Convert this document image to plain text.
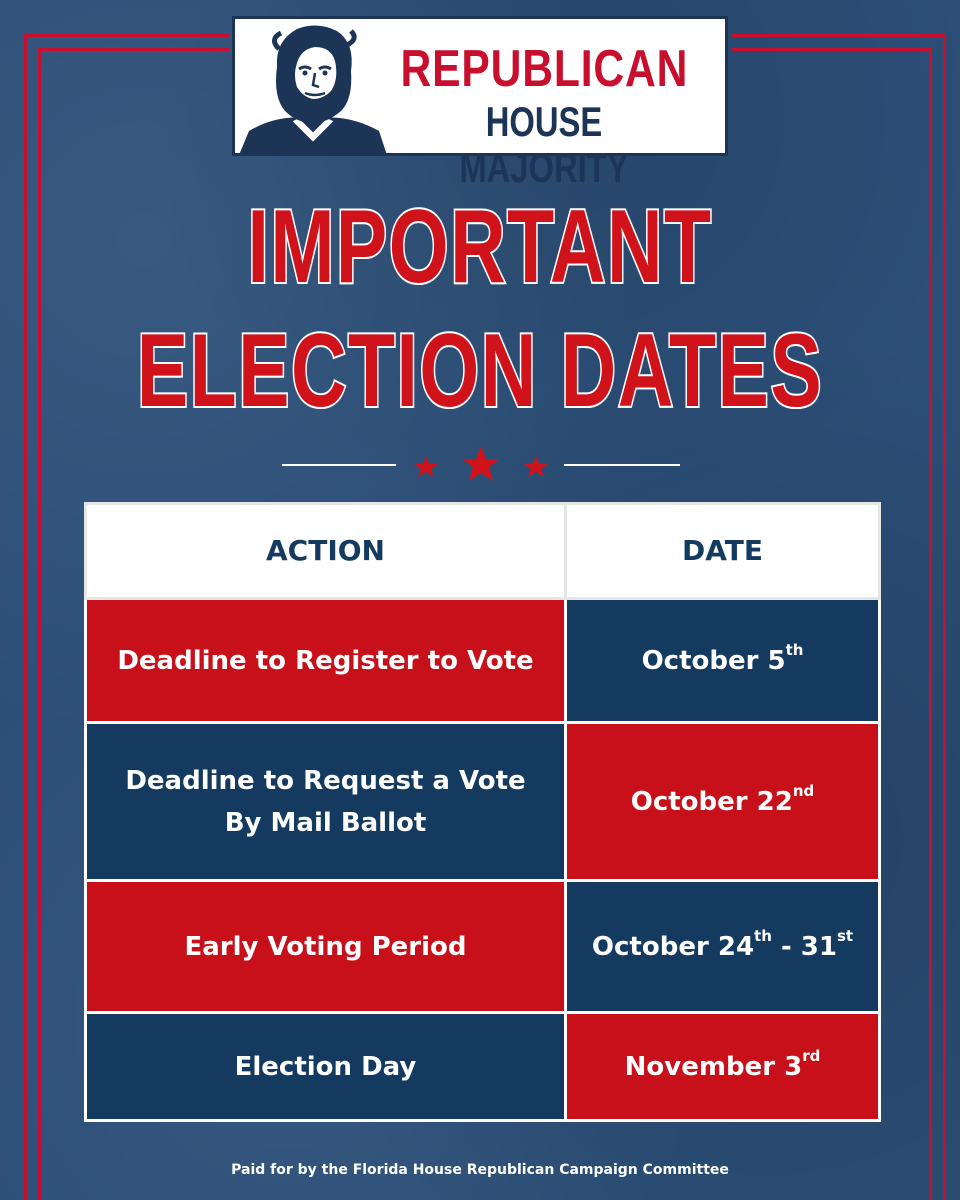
REPUBLICAN
HOUSE MAJORITY
IMPORTANT
ELECTION DATES
ACTION	DATE
Deadline to Register to Vote	October 5th

Deadline to Request a Vote
By Mail Ballot	October 22nd
Early Voting Period	October 24th - 31st
Election Day	November 3rd
Paid for by the Florida House Republican Campaign Committee
